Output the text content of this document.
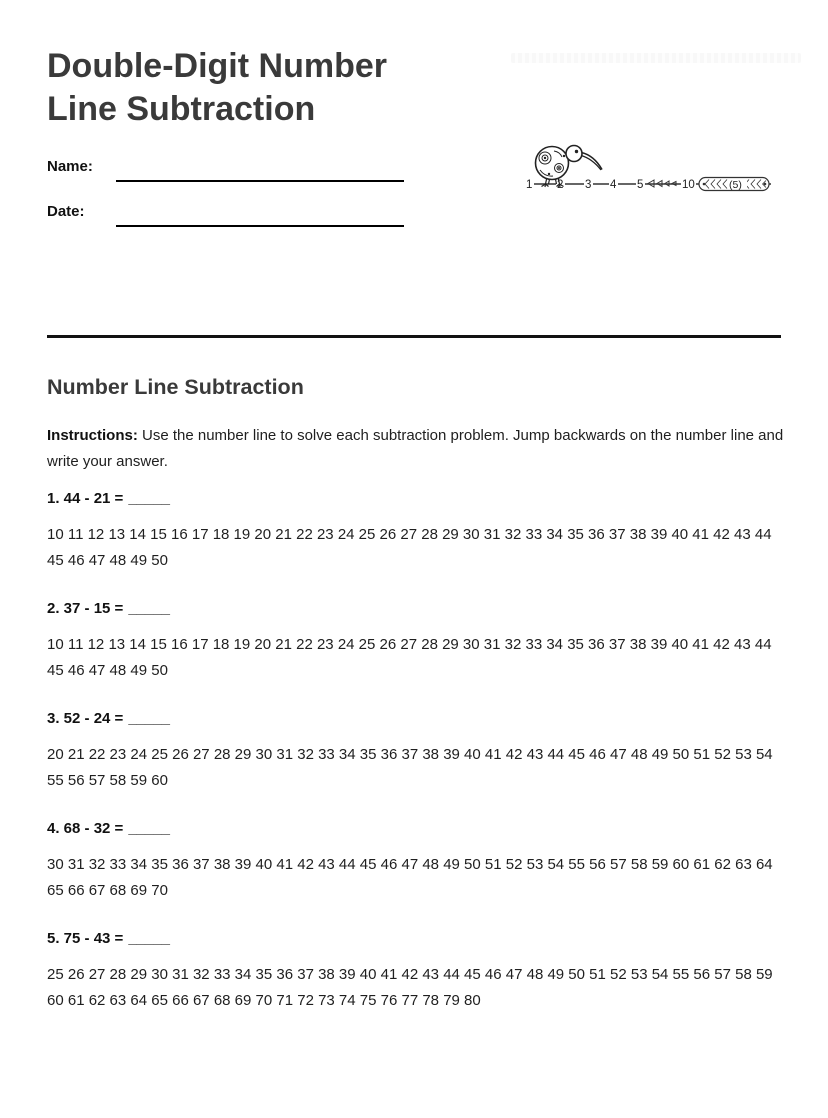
Double-Digit Number Line Subtraction
Name:
Date:
1 2 3 4 5	10	(5)
Number Line Subtraction

Instructions: Use the number line to solve each subtraction problem. Jump backwards on the number line and write your answer.

1. 44 - 21 = _____
10 11 12 13 14 15 16 17 18 19 20 21 22 23 24 25 26 27 28 29 30 31 32 33 34 35 36 37 38 39 40 41 42 43 44 45 46 47 48 49 50
2. 37 - 15 = _____
10 11 12 13 14 15 16 17 18 19 20 21 22 23 24 25 26 27 28 29 30 31 32 33 34 35 36 37 38 39 40 41 42 43 44 45 46 47 48 49 50
3. 52 - 24 = _____
20 21 22 23 24 25 26 27 28 29 30 31 32 33 34 35 36 37 38 39 40 41 42 43 44 45 46 47 48 49 50 51 52 53 54 55 56 57 58 59 60
4. 68 - 32 = _____
30 31 32 33 34 35 36 37 38 39 40 41 42 43 44 45 46 47 48 49 50 51 52 53 54 55 56 57 58 59 60 61 62 63 64 65 66 67 68 69 70
5. 75 - 43 = _____
25 26 27 28 29 30 31 32 33 34 35 36 37 38 39 40 41 42 43 44 45 46 47 48 49 50 51 52 53 54 55 56 57 58 59 60 61 62 63 64 65 66 67 68 69 70 71 72 73 74 75 76 77 78 79 80
